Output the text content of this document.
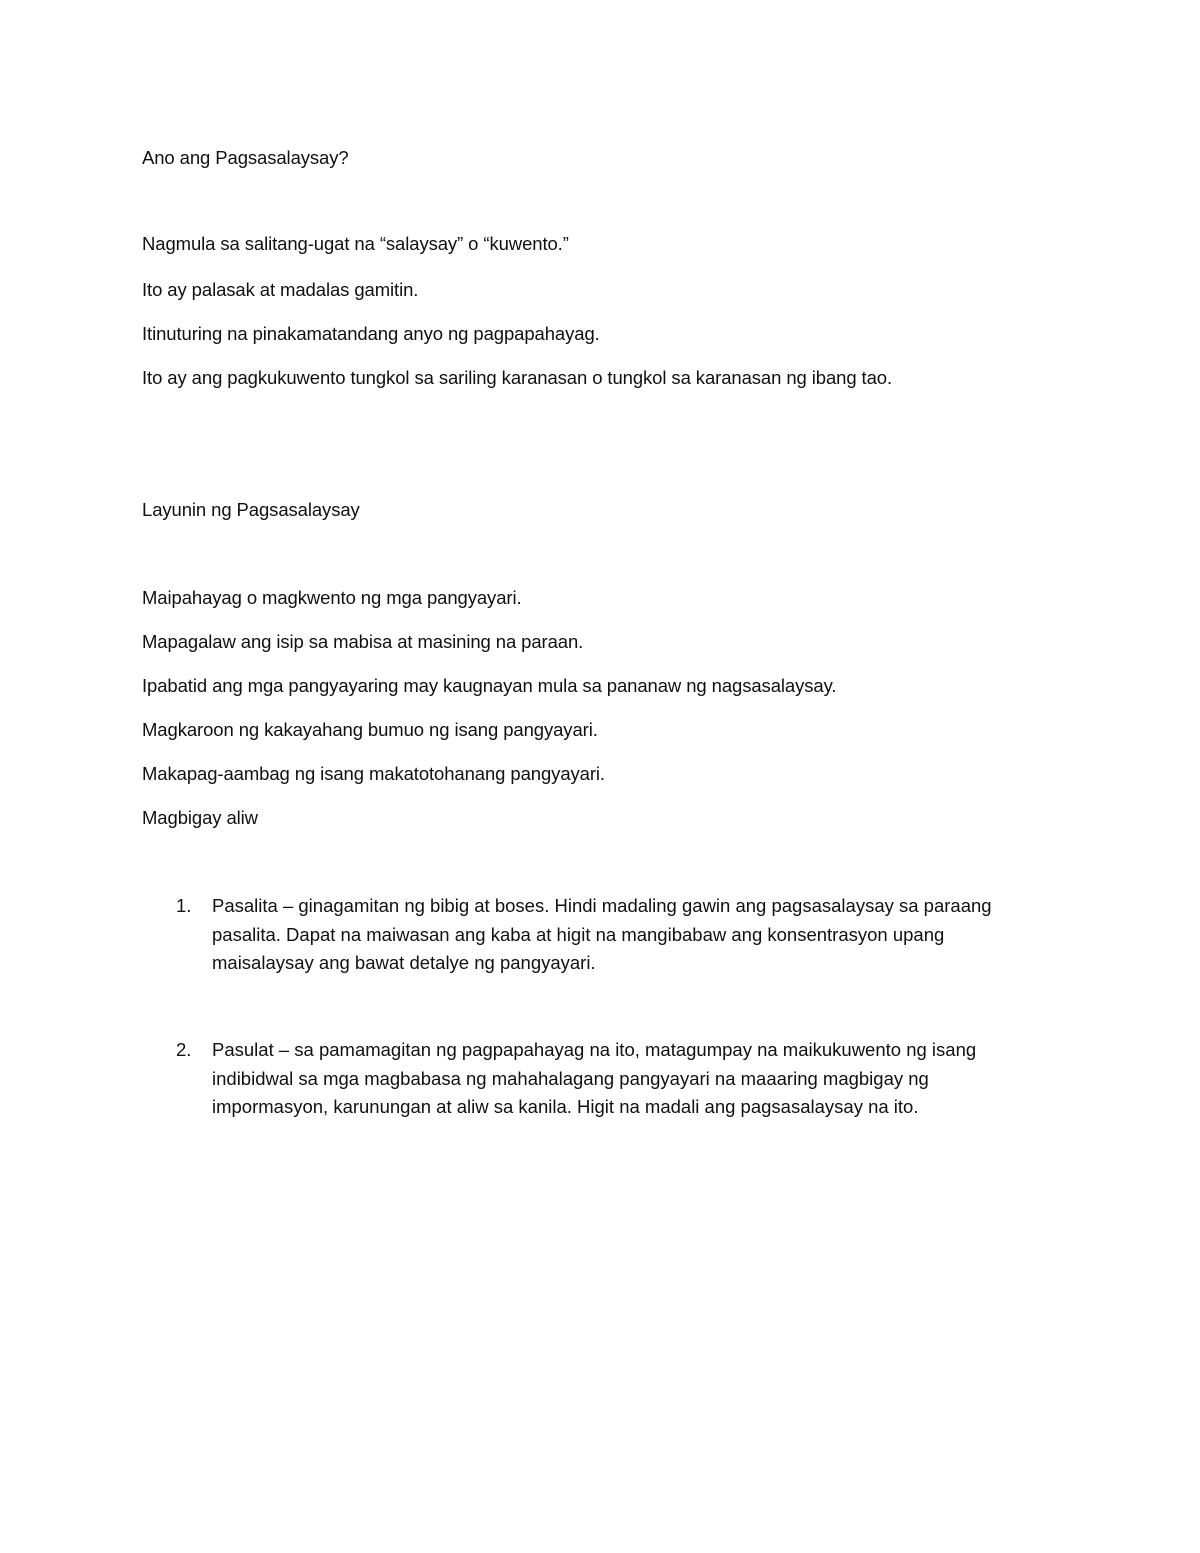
Ano ang Pagsasalaysay?
Nagmula sa salitang-ugat na “salaysay” o “kuwento.”
Ito ay palasak at madalas gamitin.
Itinuturing na pinakamatandang anyo ng pagpapahayag.
Ito ay ang pagkukuwento tungkol sa sariling karanasan o tungkol sa karanasan ng ibang tao.
Layunin ng Pagsasalaysay
Maipahayag o magkwento ng mga pangyayari.
Mapagalaw ang isip sa mabisa at masining na paraan.
Ipabatid ang mga pangyayaring may kaugnayan mula sa pananaw ng nagsasalaysay.
Magkaroon ng kakayahang bumuo ng isang pangyayari.
Makapag-aambag ng isang makatotohanang pangyayari.
Magbigay aliw
1. Pasalita – ginagamitan ng bibig at boses. Hindi madaling gawin ang pagsasalaysay sa paraang pasalita. Dapat na maiwasan ang kaba at higit na mangibabaw ang konsentrasyon upang maisalaysay ang bawat detalye ng pangyayari.
2. Pasulat – sa pamamagitan ng pagpapahayag na ito, matagumpay na maikukuwento ng isang indibidwal sa mga magbabasa ng mahahalagang pangyayari na maaaring magbigay ng impormasyon, karunungan at aliw sa kanila. Higit na madali ang pagsasalaysay na ito.
